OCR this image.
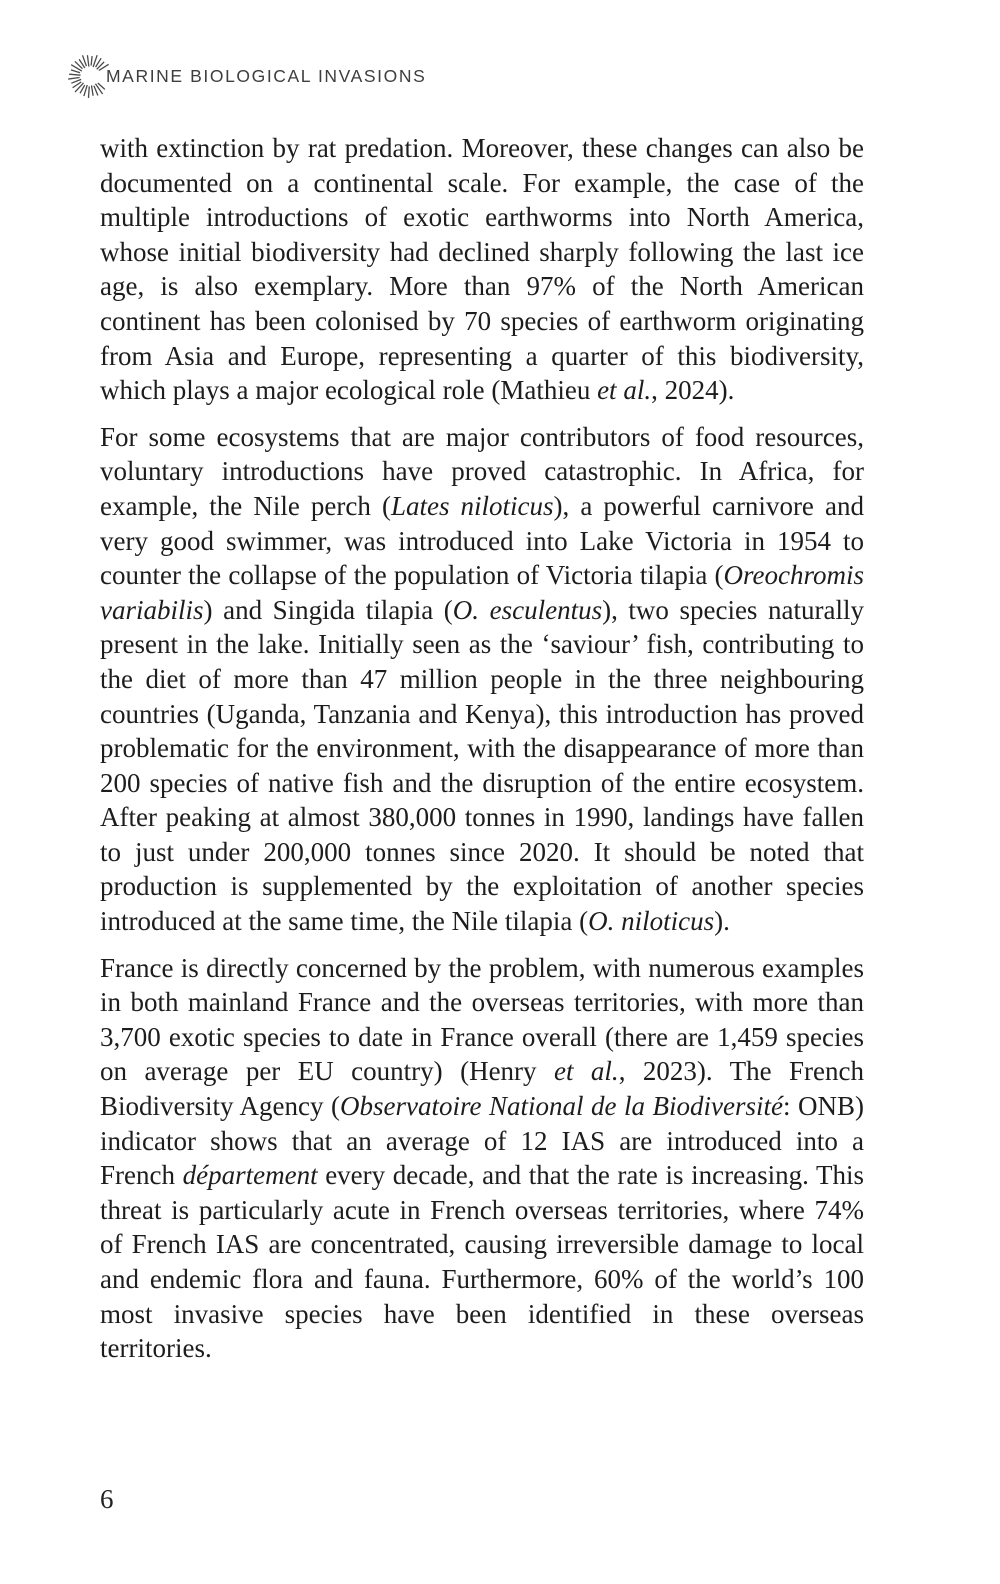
MARINE BIOLOGICAL INVASIONS

with extinction by rat predation. Moreover, these changes can also be documented on a continental scale. For example, the case of the multiple introductions of exotic earthworms into North America, whose initial biodiversity had declined sharply following the last ice age, is also exemplary. More than 97% of the North American continent has been colonised by 70 species of earthworm originating from Asia and Europe, representing a quarter of this biodiversity, which plays a major ecological role (Mathieu et al., 2024).

For some ecosystems that are major contributors of food resources, voluntary introductions have proved catastrophic. In Africa, for example, the Nile perch (Lates niloticus), a powerful carnivore and very good swimmer, was introduced into Lake Victoria in 1954 to counter the collapse of the population of Victoria tilapia (Oreochromis variabilis) and Singida tilapia (O. esculentus), two species naturally present in the lake. Initially seen as the ‘saviour’ fish, contributing to the diet of more than 47 million people in the three neighbouring countries (Uganda, Tanzania and Kenya), this introduction has proved problematic for the environment, with the disappearance of more than 200 species of native fish and the disruption of the entire ecosystem. After peaking at almost 380,000 tonnes in 1990, landings have fallen to just under 200,000 tonnes since 2020. It should be noted that production is supplemented by the exploitation of another species introduced at the same time, the Nile tilapia (O. niloticus).

France is directly concerned by the problem, with numerous examples in both mainland France and the overseas territories, with more than 3,700 exotic species to date in France overall (there are 1,459 species on average per EU country) (Henry et al., 2023). The French Biodiversity Agency (Observatoire National de la Biodiversité: ONB) indicator shows that an average of 12 IAS are introduced into a French département every decade, and that the rate is increasing. This threat is particularly acute in French overseas territories, where 74% of French IAS are concentrated, causing irreversible damage to local and endemic flora and fauna. Furthermore, 60% of the world’s 100 most invasive species have been identified in these overseas territories.

6
